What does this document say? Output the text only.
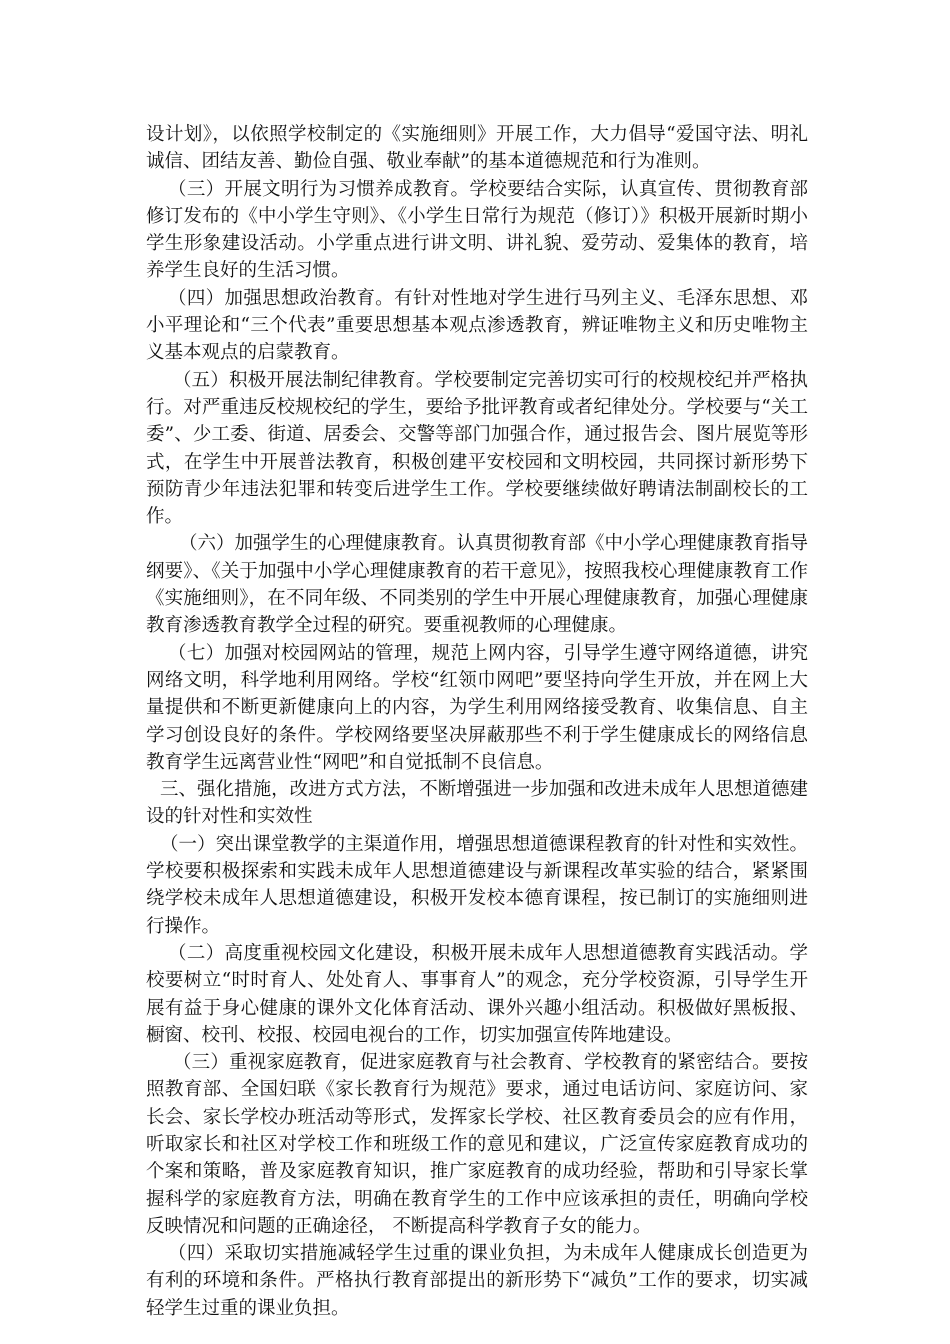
设计划》，以依照学校制定的《实施细则》开展工作，大力倡导“爱国守法、明礼诚信、团结友善、勤俭自强、敬业奉献”的基本道德规范和行为准则。

（三）开展文明行为习惯养成教育。学校要结合实际，认真宣传、贯彻教育部修订发布的《中小学生守则》、《小学生日常行为规范（修订）》积极开展新时期小学生形象建设活动。小学重点进行讲文明、讲礼貌、爱劳动、爱集体的教育，培养学生良好的生活习惯。

（四）加强思想政治教育。有针对性地对学生进行马列主义、毛泽东思想、邓小平理论和“三个代表”重要思想基本观点渗透教育，辨证唯物主义和历史唯物主义基本观点的启蒙教育。

（五）积极开展法制纪律教育。学校要制定完善切实可行的校规校纪并严格执行。对严重违反校规校纪的学生，要给予批评教育或者纪律处分。学校要与“关工委”、少工委、街道、居委会、交警等部门加强合作，通过报告会、图片展览等形式，在学生中开展普法教育，积极创建平安校园和文明校园，共同探讨新形势下预防青少年违法犯罪和转变后进学生工作。学校要继续做好聘请法制副校长的工作。

（六）加强学生的心理健康教育。认真贯彻教育部《中小学心理健康教育指导纲要》、《关于加强中小学心理健康教育的若干意见》，按照我校心理健康教育工作《实施细则》，在不同年级、不同类别的学生中开展心理健康教育，加强心理健康教育渗透教育教学全过程的研究。要重视教师的心理健康。

（七）加强对校园网站的管理，规范上网内容，引导学生遵守网络道德，讲究网络文明，科学地利用网络。学校“红领巾网吧”要坚持向学生开放，并在网上大量提供和不断更新健康向上的内容，为学生利用网络接受教育、收集信息、自主学习创设良好的条件。学校网络要坚决屏蔽那些不利于学生健康成长的网络信息教育学生远离营业性“网吧”和自觉抵制不良信息。

三、强化措施，改进方式方法，不断增强进一步加强和改进未成年人思想道德建设的针对性和实效性

（一）突出课堂教学的主渠道作用，增强思想道德课程教育的针对性和实效性。学校要积极探索和实践未成年人思想道德建设与新课程改革实验的结合，紧紧围绕学校未成年人思想道德建设，积极开发校本德育课程，按已制订的实施细则进行操作。

（二）高度重视校园文化建设，积极开展未成年人思想道德教育实践活动。学校要树立“时时育人、处处育人、事事育人”的观念，充分学校资源，引导学生开展有益于身心健康的课外文化体育活动、课外兴趣小组活动。积极做好黑板报、橱窗、校刊、校报、校园电视台的工作，切实加强宣传阵地建设。

（三）重视家庭教育，促进家庭教育与社会教育、学校教育的紧密结合。要按照教育部、全国妇联《家长教育行为规范》要求，通过电话访问、家庭访问、家长会、家长学校办班活动等形式，发挥家长学校、社区教育委员会的应有作用，听取家长和社区对学校工作和班级工作的意见和建议，广泛宣传家庭教育成功的个案和策略，普及家庭教育知识，推广家庭教育的成功经验，帮助和引导家长掌握科学的家庭教育方法，明确在教育学生的工作中应该承担的责任，明确向学校反映情况和问题的正确途径， 不断提高科学教育子女的能力。

（四）采取切实措施减轻学生过重的课业负担，为未成年人健康成长创造更为有利的环境和条件。严格执行教育部提出的新形势下“减负”工作的要求，切实减轻学生过重的课业负担。
